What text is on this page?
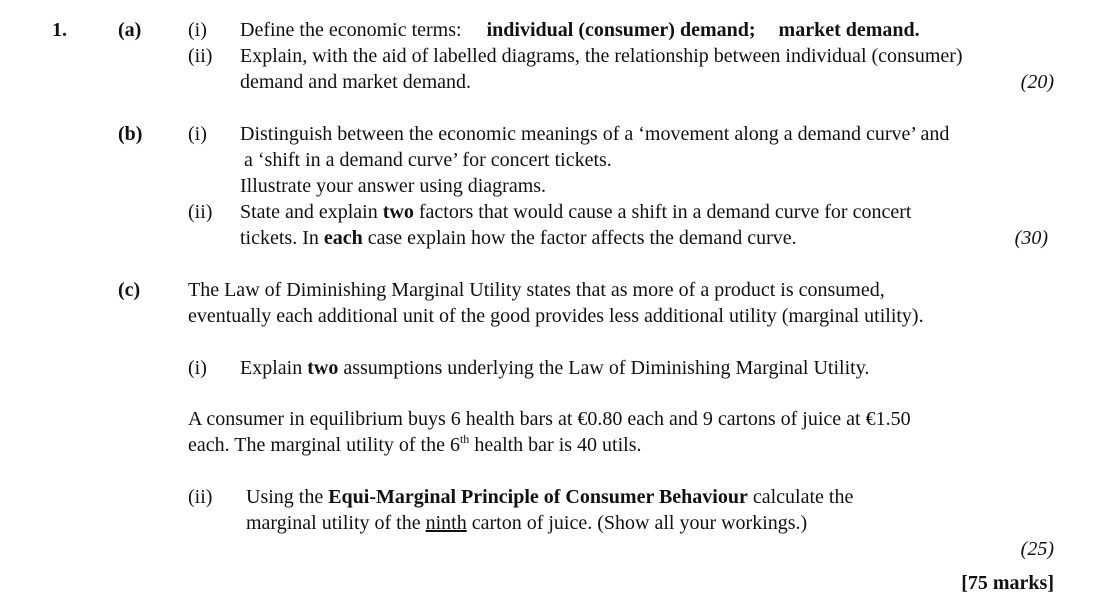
1.	(a) (i) Define the economic terms: individual (consumer) demand; market demand.
(ii) Explain, with the aid of labelled diagrams, the relationship between individual (consumer)
demand and market demand.	(20)
(b) (i) Distinguish between the economic meanings of a ‘movement along a demand curve’ and
a ‘shift in a demand curve’ for concert tickets.
Illustrate your answer using diagrams.
(ii) State and explain two factors that would cause a shift in a demand curve for concert
tickets. In each case explain how the factor affects the demand curve.	(30)
(c) The Law of Diminishing Marginal Utility states that as more of a product is consumed,
eventually each additional unit of the good provides less additional utility (marginal utility).
(i) Explain two assumptions underlying the Law of Diminishing Marginal Utility.
A consumer in equilibrium buys 6 health bars at €0.80 each and 9 cartons of juice at €1.50
each. The marginal utility of the 6th health bar is 40 utils.
(ii) Using the Equi-Marginal Principle of Consumer Behaviour calculate the
marginal utility of the ninth carton of juice. (Show all your workings.)
(25)
[75 marks]
